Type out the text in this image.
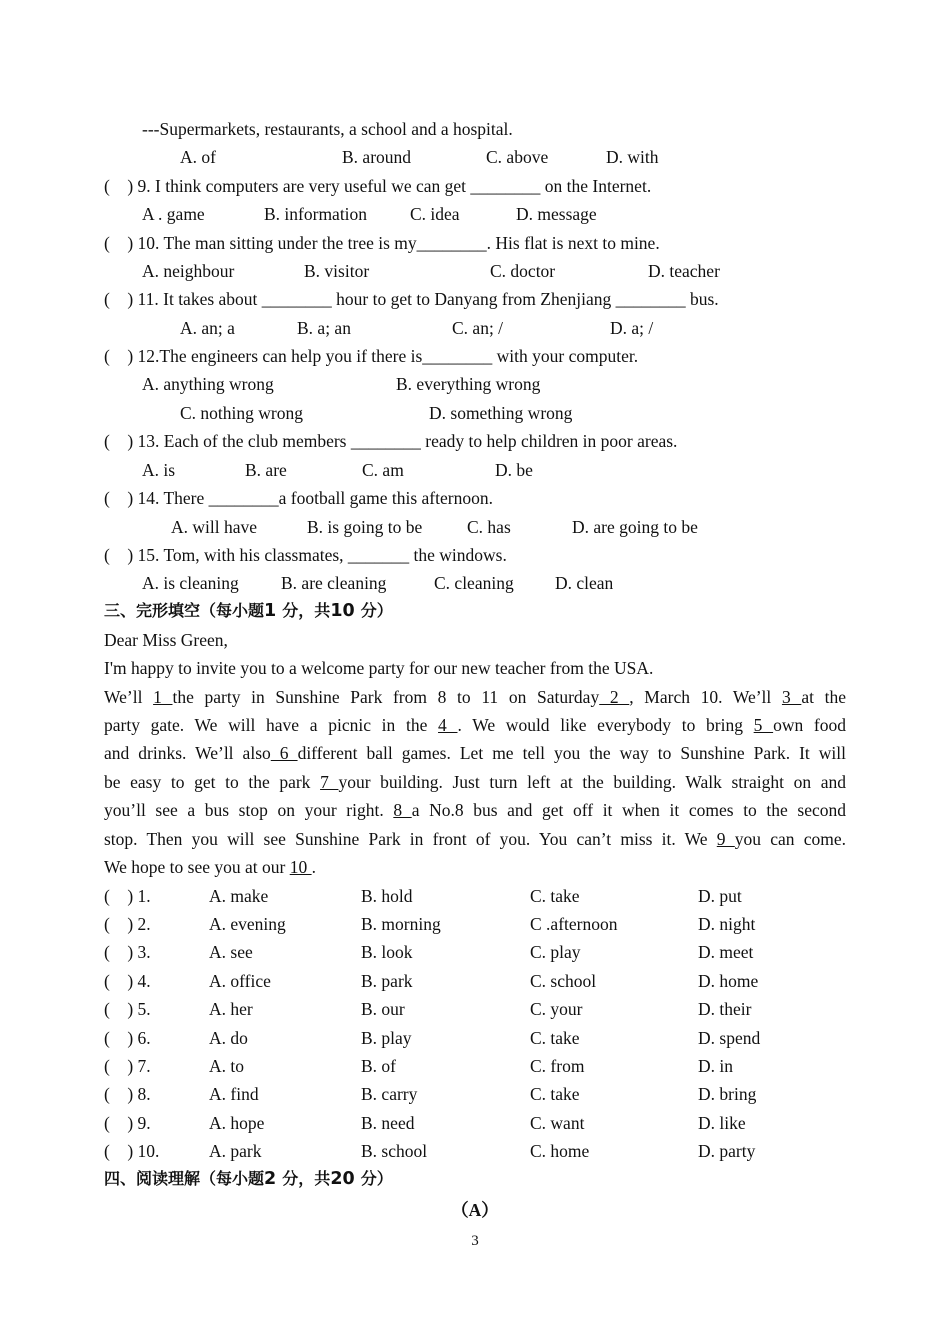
---Supermarkets, restaurants, a school and a hospital.
A. of	B. around	C. above	D. with
(    ) 9. I think computers are very useful we can get ________ on the Internet.
A . game	B. information C. idea	D. message
(    ) 10. The man sitting under the tree is my________. His flat is next to mine.
A. neighbour	B. visitor	C. doctor	D. teacher
(    ) 11. It takes about ________ hour to get to Danyang from Zhenjiang ________ bus.
A. an; a	B. a; an	C. an; /	D. a; /
(    ) 12.The engineers can help you if there is________ with your computer.
A. anything wrong	B. everything wrong
C. nothing wrong	D. something wrong
(    ) 13. Each of the club members ________ ready to help children in poor areas.
A. is	B. are	C. am	D. be
(    ) 14. There ________a football game this afternoon.
A. will have	B. is going to be	C. has	D. are going to be
(    ) 15. Tom, with his classmates, _______ the windows.
A. is cleaning B. are cleaning	C. cleaning D. clean
三、完形填空（每小题1 分，共10 分）
Dear Miss Green,
I'm happy to invite you to a welcome party for our new teacher from the USA.
We’ll 1 the party in Sunshine Park from 8 to 11 on Saturday 2 , March 10. We’ll 3 at the
party gate. We will have a picnic in the 4 . We would like everybody to bring 5 own food
and drinks. We’ll also 6 different ball games. Let me tell you the way to Sunshine Park. It will
be easy to get to the park 7 your building. Just turn left at the building. Walk straight on and
you’ll see a bus stop on your right. 8 a No.8 bus and get off it when it comes to the second
stop. Then you will see Sunshine Park in front of you. You can’t miss it. We 9 you can come.
We hope to see you at our 10 .
(    ) 1.	A. make	B. hold	C. take	D. put
(    ) 2.	A. evening	B. morning	C .afternoon	D. night
(    ) 3.	A. see	B. look	C. play	D. meet
(    ) 4.	A. office	B. park	C. school	D. home
(    ) 5.	A. her	B. our	C. your	D. their
(    ) 6.	A. do	B. play	C. take	D. spend
(    ) 7.	A. to	B. of	C. from	D. in
(    ) 8.	A. find	B. carry	C. take	D. bring
(    ) 9.	A. hope	B. need	C. want	D. like
(    ) 10.	A. park	B. school	C. home	D. party
四、阅读理解（每小题2 分，共20 分）
（A）
3
